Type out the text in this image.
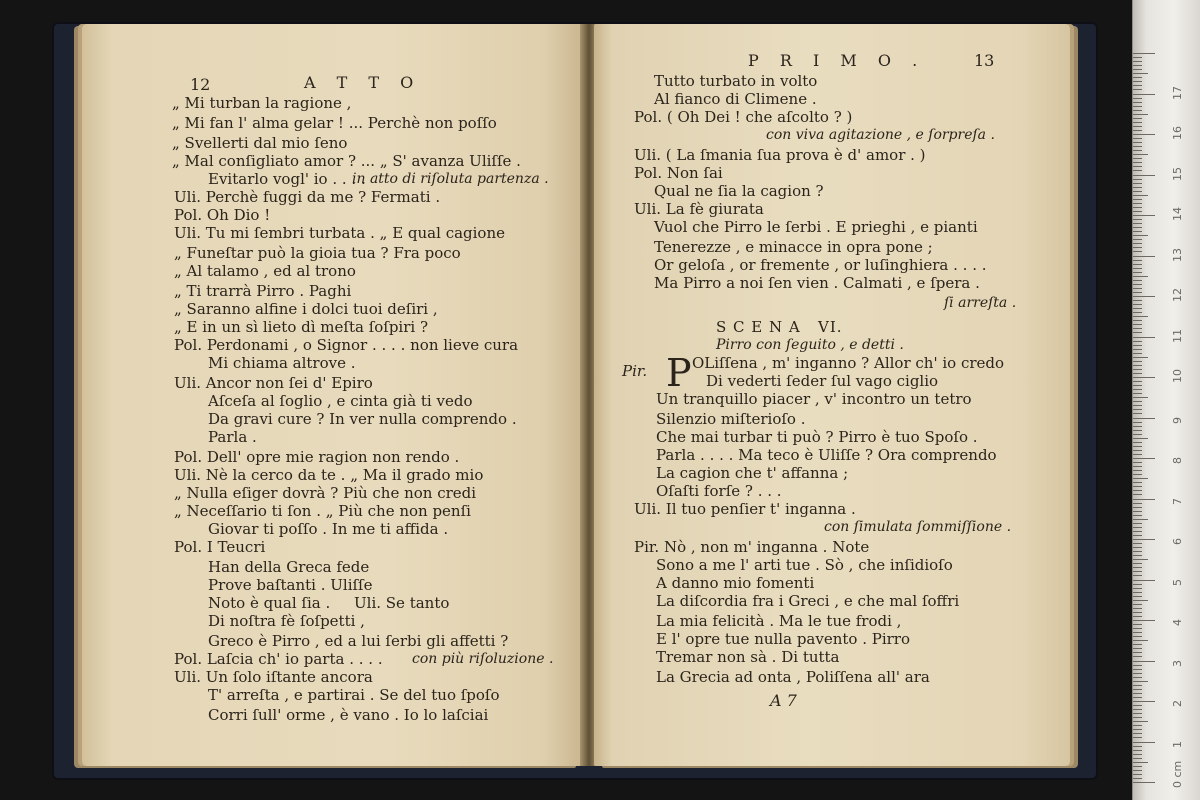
12	A T T O
„ Mi turban la ragione ,
„ Mi fan l' alma gelar ! ... Perchè non poſſo
„ Svellerti dal mio ſeno
„ Mal conſigliato amor ? ... „ S' avanza Uliſſe .
Evitarlo vogl' io . . . .
Uli. Perchè fuggi da me ? Fermati .
Pol. Oh Dio !
Uli. Tu mi ſembri turbata . „ E qual cagione
„ Funeſtar può la gioia tua ? Fra poco
„ Al talamo , ed al trono
„ Ti trarrà Pirro . Paghi
„ Saranno alfine i dolci tuoi deſiri ,
„ E in un sì lieto dì meſta ſoſpiri ?
Pol. Perdonami , o Signor . . . . non lieve cura
Mi chiama altrove .
Uli. Ancor non ſei d' Epiro
Aſceſa al ſoglio , e cinta già ti vedo
Da gravi cure ? In ver nulla comprendo .
Parla .
Pol. Dell' opre mie ragion non rendo .
Uli. Nè la cerco da te . „ Ma il grado mio
„ Nulla eſiger dovrà ? Più che non credi
„ Neceſſario ti ſon . „ Più che non penſi
Giovar ti poſſo . In me ti affida .
Pol. I Teucri
Han della Greca fede
Prove baſtanti . Uliſſe
Noto è qual ſia . Uli. Se tanto
Di noſtra fè ſoſpetti ,
Greco è Pirro , ed a lui ſerbi gli affetti ?
Pol. Laſcia ch' io parta . . . .
Uli. Un ſolo iſtante ancora
T' arreſta , e partirai . Se del tuo ſpoſo
Corri ſull' orme , è vano . Io lo laſciai
in atto di riſoluta partenza .
con più riſoluzione .
P R I M O .	13
S C E N A   VI.
Pir. P
A 7
Tutto turbato in volto
Al fianco di Climene .
Pol. ( Oh Dei ! che aſcolto ? )
Uli. ( La ſmania ſua prova è d' amor . )
Pol. Non ſai
Qual ne ſia la cagion ?
Uli. La fè giurata
Vuol che Pirro le ſerbi . E prieghi , e pianti
Tenerezze , e minacce in opra pone ;
Or geloſa , or fremente , or luſinghiera . . . .
Ma Pirro a noi ſen vien . Calmati , e ſpera .
OLiſſena , m' inganno ? Allor ch' io credo
Di vederti ſeder ſul vago ciglio
Un tranquillo piacer , v' incontro un tetro
Silenzio miſterioſo .
Che mai turbar ti può ? Pirro è tuo Spoſo .
Parla . . . . Ma teco è Uliſſe ? Ora comprendo
La cagion che t' affanna ;
Oſaſti forſe ? . . .
Uli. Il tuo penſier t' inganna .
Pir. Nò , non m' inganna . Note
Sono a me l' arti tue . Sò , che inſidioſo
A danno mio fomenti
La diſcordia fra i Greci , e che mal ſoffri
La mia felicità . Ma le tue frodi ,
E l' opre tue nulla pavento . Pirro
Tremar non sà . Di tutta
La Grecia ad onta , Poliſſena all' ara
con viva agitazione , e ſorpreſa .
ſi arreſta .
Pirro con ſeguito , e detti .
con ſimulata ſommiſſione .
0 cm
1
2
3
4
5
6
7
8
9
10
11
12
13
14
15
16
17
